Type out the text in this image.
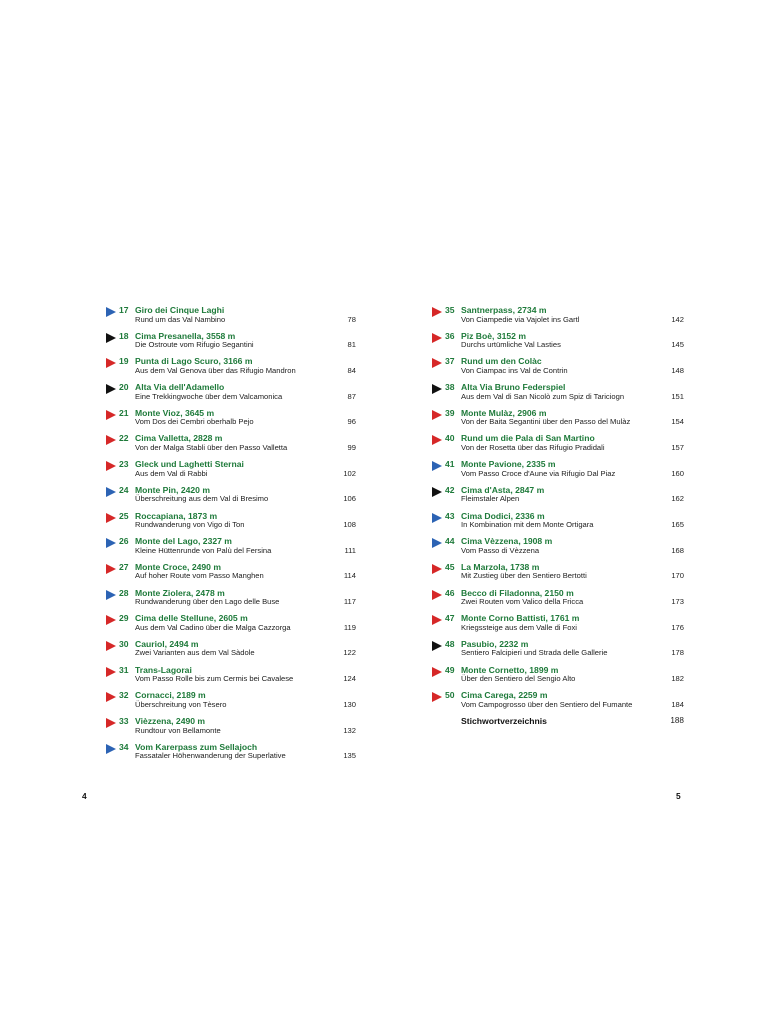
17 Giro dei Cinque Laghi
Rund um das Val Nambino	78
18 Cima Presanella, 3558 m
Die Ostroute vom Rifugio Segantini	81
19 Punta di Lago Scuro, 3166 m
Aus dem Val Genova über das Rifugio Mandron	84
20 Alta Via dell'Adamello
Eine Trekkingwoche über dem Valcamonica	87
21 Monte Vioz, 3645 m
Vom Dos dei Cembri oberhalb Pejo	96
22 Cima Valletta, 2828 m
Von der Malga Stabli über den Passo Valletta	99
23 Gleck und Laghetti Sternai
Aus dem Val di Rabbi	102
24 Monte Pin, 2420 m
Überschreitung aus dem Val di Bresimo	106
25 Roccapiana, 1873 m
Rundwanderung von Vigo di Ton	108
26 Monte del Lago, 2327 m
Kleine Hüttenrunde von Palù del Fersina	111
27 Monte Croce, 2490 m
Auf hoher Route vom Passo Manghen	114
28 Monte Ziolera, 2478 m
Rundwanderung über den Lago delle Buse	117
29 Cima delle Stellune, 2605 m
Aus dem Val Cadino über die Malga Cazzorga	119
30 Cauriol, 2494 m
Zwei Varianten aus dem Val Sàdole	122
31 Trans-Lagorai
Vom Passo Rolle bis zum Cermis bei Cavalese	124
32 Cornacci, 2189 m
Überschreitung von Tèsero	130
33 Vièzzena, 2490 m
Rundtour von Bellamonte	132
34 Vom Karerpass zum Sellajoch
Fassataler Höhenwanderung der Superlative	135
35 Santnerpass, 2734 m
Von Ciampedie via Vajolet ins Gartl	142
36 Piz Boè, 3152 m
Durchs urtümliche Val Lasties	145
37 Rund um den Colàc
Von Ciampac ins Val de Contrin	148
38 Alta Via Bruno Federspiel
Aus dem Val di San Nicolò zum Spiz di Tariciogn	151
39 Monte Mulàz, 2906 m
Von der Baita Segantini über den Passo del Mulàz	154
40 Rund um die Pala di San Martino
Von der Rosetta über das Rifugio Pradidali	157
41 Monte Pavione, 2335 m
Vom Passo Croce d'Aune via Rifugio Dal Piaz	160
42 Cima d'Asta, 2847 m
Fleimstaler Alpen	162
43 Cima Dodici, 2336 m
In Kombination mit dem Monte Ortigara	165
44 Cima Vèzzena, 1908 m
Vom Passo di Vèzzena	168
45 La Marzola, 1738 m
Mit Zustieg über den Sentiero Bertotti	170
46 Becco di Filadonna, 2150 m
Zwei Routen vom Valico della Fricca	173
47 Monte Corno Battisti, 1761 m
Kriegssteige aus dem Valle di Foxi	176
48 Pasubio, 2232 m
Sentiero Falcipieri und Strada delle Gallerie	178
49 Monte Cornetto, 1899 m
Über den Sentiero del Sengio Alto	182
50 Cima Carega, 2259 m
Vom Campogrosso über den Sentiero del Fumante	184
Stichwortverzeichnis	188
4	5
